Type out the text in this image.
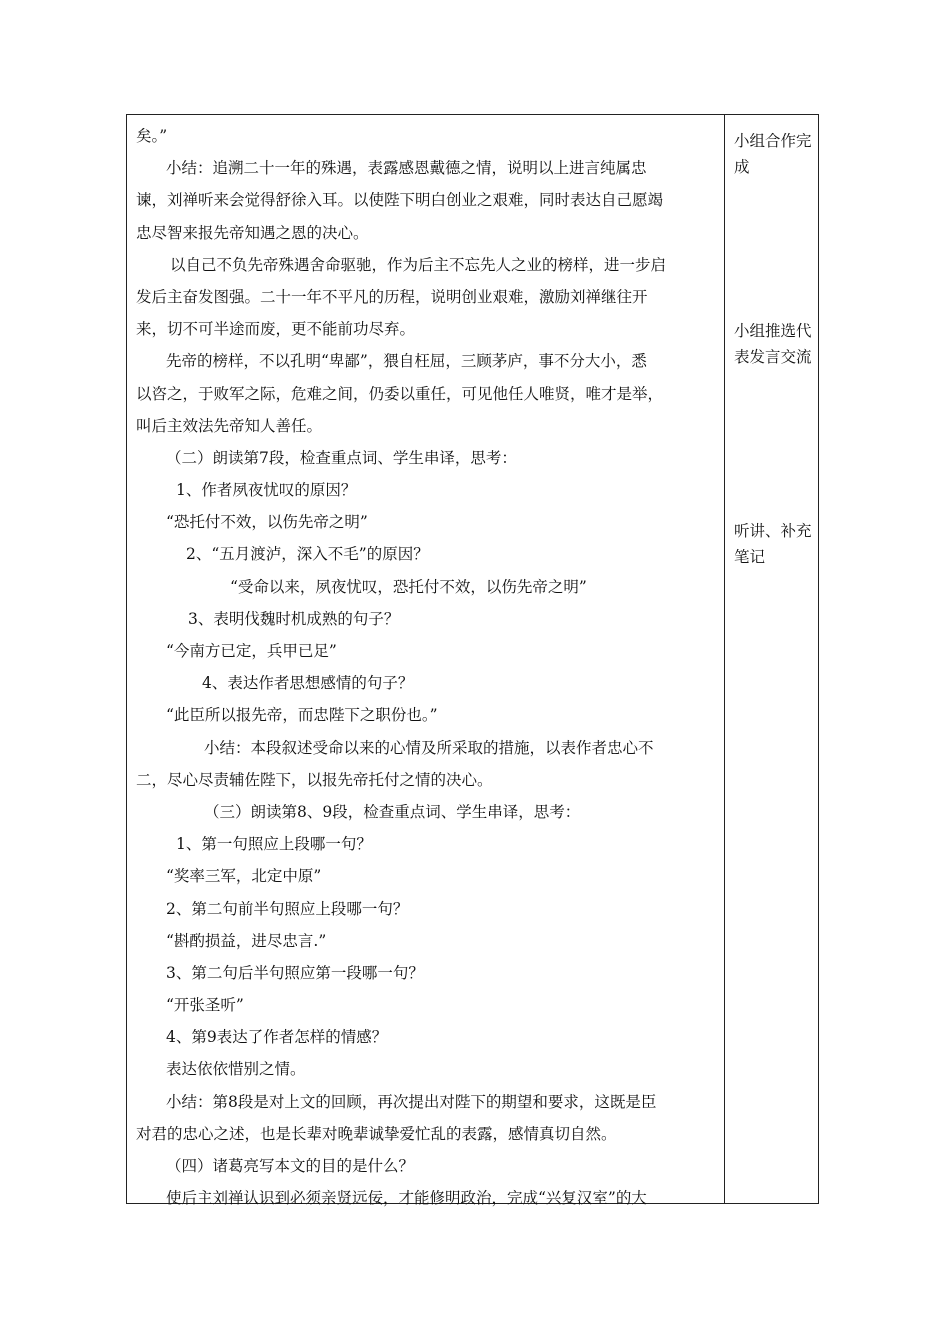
矣。”
小结：追溯二十一年的殊遇，表露感恩戴德之情，说明以上进言纯属忠
谏，刘禅听来会觉得舒徐入耳。以使陛下明白创业之艰难，同时表达自己愿竭
忠尽智来报先帝知遇之恩的决心。
以自己不负先帝殊遇舍命驱驰，作为后主不忘先人之业的榜样，进一步启
发后主奋发图强。二十一年不平凡的历程，说明创业艰难，激励刘禅继往开
来，切不可半途而废，更不能前功尽弃。
先帝的榜样，不以孔明“卑鄙”，猥自枉屈，三顾茅庐，事不分大小，悉
以咨之，于败军之际，危难之间，仍委以重任，可见他任人唯贤，唯才是举，
叫后主效法先帝知人善任。
（二）朗读第7段，检查重点词、学生串译，思考：
1、作者夙夜忧叹的原因？
“恐托付不效，以伤先帝之明”
2、“五月渡泸，深入不毛”的原因？
“受命以来，夙夜忧叹，恐托付不效，以伤先帝之明”
3、表明伐魏时机成熟的句子？
“今南方已定，兵甲已足”
4、表达作者思想感情的句子？
“此臣所以报先帝，而忠陛下之职份也。”
小结：本段叙述受命以来的心情及所采取的措施，以表作者忠心不
二，尽心尽责辅佐陛下，以报先帝托付之情的决心。
（三）朗读第8、9段，检查重点词、学生串译，思考：
1、第一句照应上段哪一句？
“奖率三军，北定中原”
2、第二句前半句照应上段哪一句？
“斟酌损益，进尽忠言.”
3、第二句后半句照应第一段哪一句？
“开张圣听”
4、第9表达了作者怎样的情感？
表达依依惜别之情。
小结：第8段是对上文的回顾，再次提出对陛下的期望和要求，这既是臣
对君的忠心之述，也是长辈对晚辈诚挚爱忙乱的表露，感情真切自然。
（四）诸葛亮写本文的目的是什么？
使后主刘禅认识到必须亲贤远佞，才能修明政治，完成“兴复汉室”的大
小组合作完成
小组推选代表发言交流
听讲、补充笔记
